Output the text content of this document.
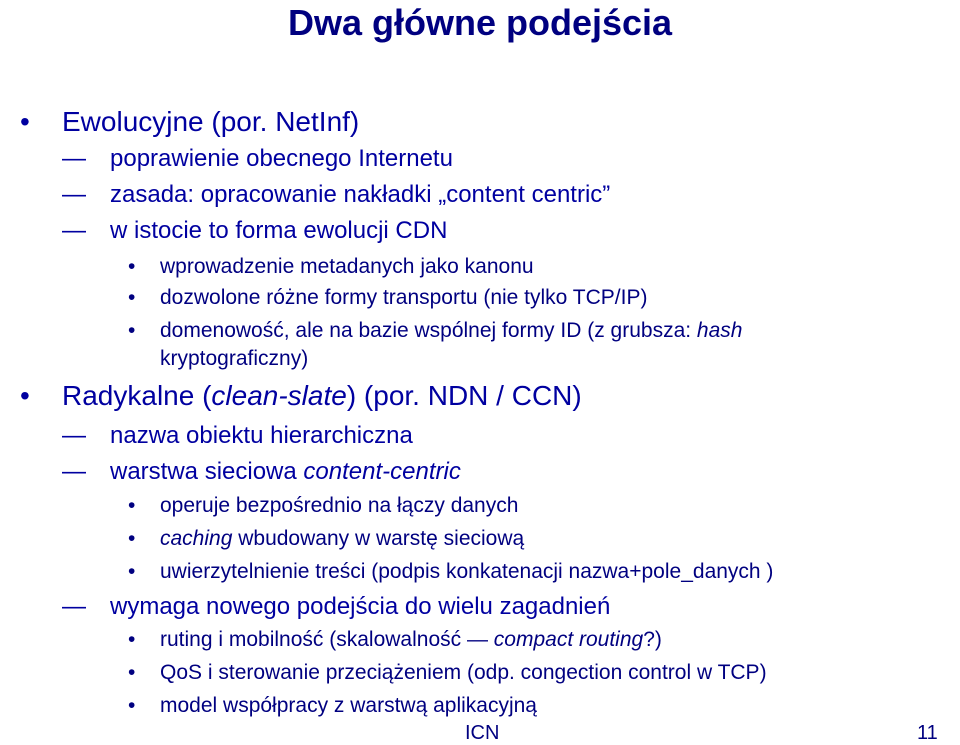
Dwa główne podejścia
• Ewolucyjne (por. NetInf)
— poprawienie obecnego Internetu
— zasada: opracowanie nakładki „content centric”
— w istocie to forma ewolucji CDN
• wprowadzenie metadanych jako kanonu
• dozwolone różne formy transportu (nie tylko TCP/IP)
• domenowość, ale na bazie wspólnej formy ID (z grubsza: hash
kryptograficzny)
• Radykalne (clean-slate) (por. NDN / CCN)
— nazwa obiektu hierarchiczna
— warstwa sieciowa content-centric
• operuje bezpośrednio na łączy danych
• caching wbudowany w warstę sieciową
• uwierzytelnienie treści (podpis konkatenacji nazwa+pole_danych )
— wymaga nowego podejścia do wielu zagadnień
• ruting i mobilność (skalowalność — compact routing?)
• QoS i sterowanie przeciążeniem (odp. congection control w TCP)
• model współpracy z warstwą aplikacyjną
ICN	11
